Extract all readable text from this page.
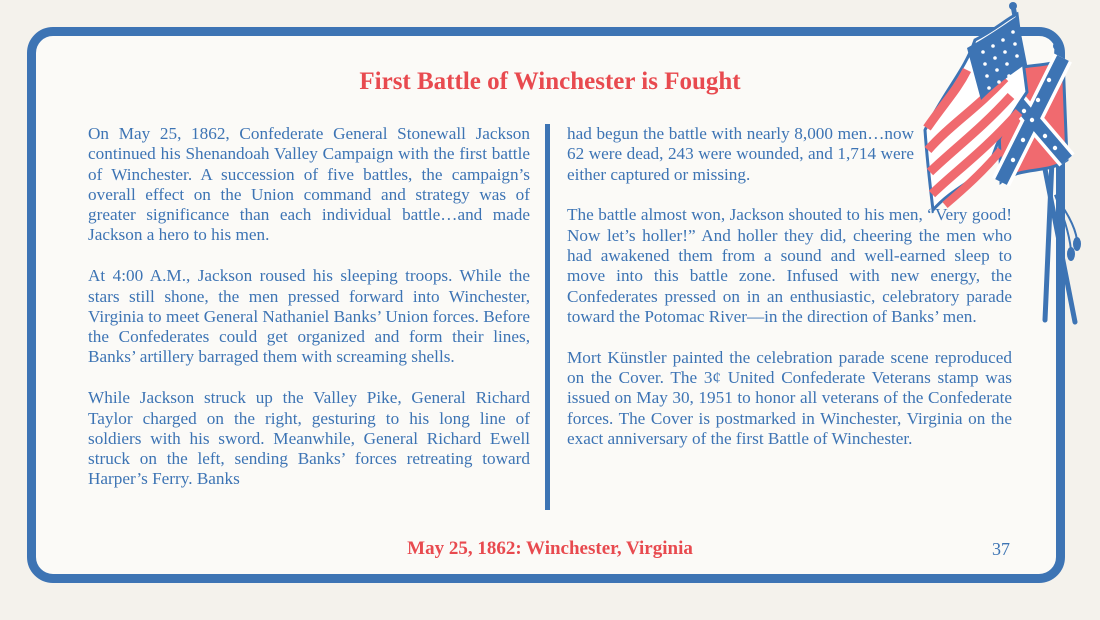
First Battle of Winchester is Fought

On May 25, 1862, Confederate General Stonewall Jackson continued his Shenandoah Valley Campaign with the first battle of Winchester. A succession of five battles, the campaign’s overall effect on the Union command and strategy was of greater significance than each individual battle…and made Jackson a hero to his men.

At 4:00 A.M., Jackson roused his sleeping troops. While the stars still shone, the men pressed forward into Winchester, Virginia to meet General Nathaniel Banks’ Union forces. Before the Confederates could get organized and form their lines, Banks’ artillery barraged them with screaming shells.

While Jackson struck up the Valley Pike, General Richard Taylor charged on the right, gesturing to his long line of soldiers with his sword. Meanwhile, General Richard Ewell struck on the left, sending Banks’ forces retreating toward Harper’s Ferry. Banks

had begun the battle with nearly 8,000 men…now 62 were dead, 243 were wounded, and 1,714 were either captured or missing.

The battle almost won, Jackson shouted to his men, “Very good! Now let’s holler!” And holler they did, cheering the men who had awakened them from a sound and well-earned sleep to move into this battle zone. Infused with new energy, the Confederates pressed on in an enthusiastic, celebratory parade toward the Potomac River—in the direction of Banks’ men.

Mort Künstler painted the celebration parade scene reproduced on the Cover. The 3¢ United Confederate Veterans stamp was issued on May 30, 1951 to honor all veterans of the Confederate forces. The Cover is postmarked in Winchester, Virginia on the exact anniversary of the first Battle of Winchester.

May 25, 1862: Winchester, Virginia	37
